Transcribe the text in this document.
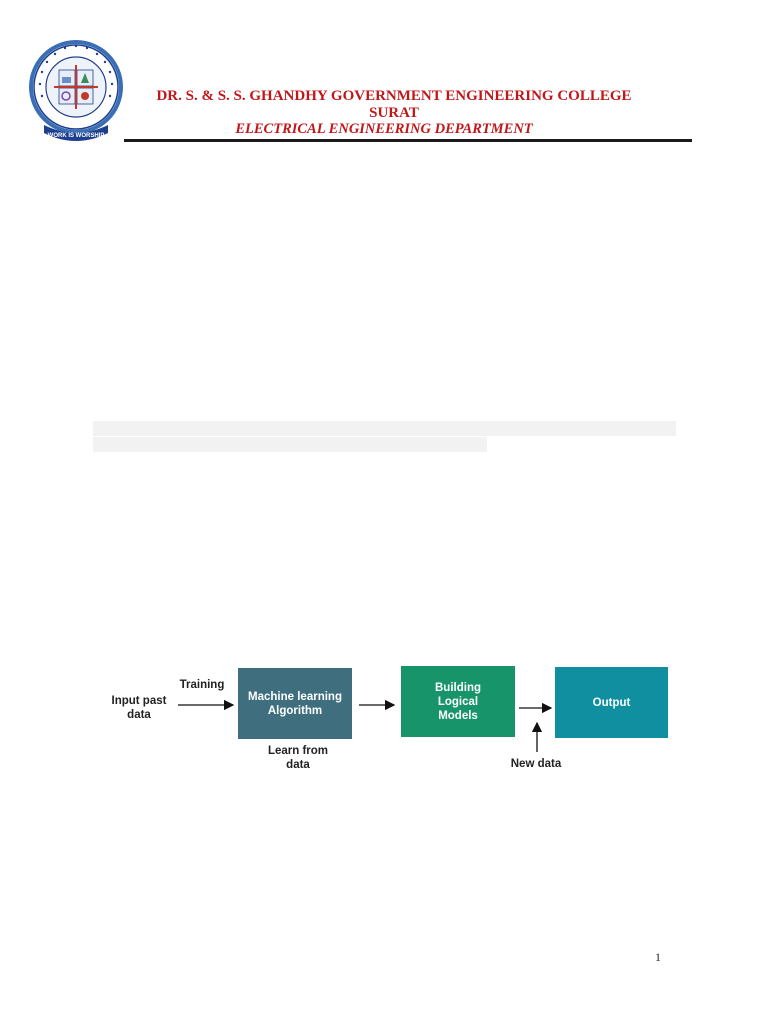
WORK IS WORSHIP
DR. S. & S. S. GHANDHY GOVERNMENT ENGINEERING COLLEGE
SURAT
ELECTRICAL ENGINEERING DEPARTMENT
Input past
data
Training
Machine learning
Algorithm
Learn from
data
Building
Logical
Models
New data
Output
1
